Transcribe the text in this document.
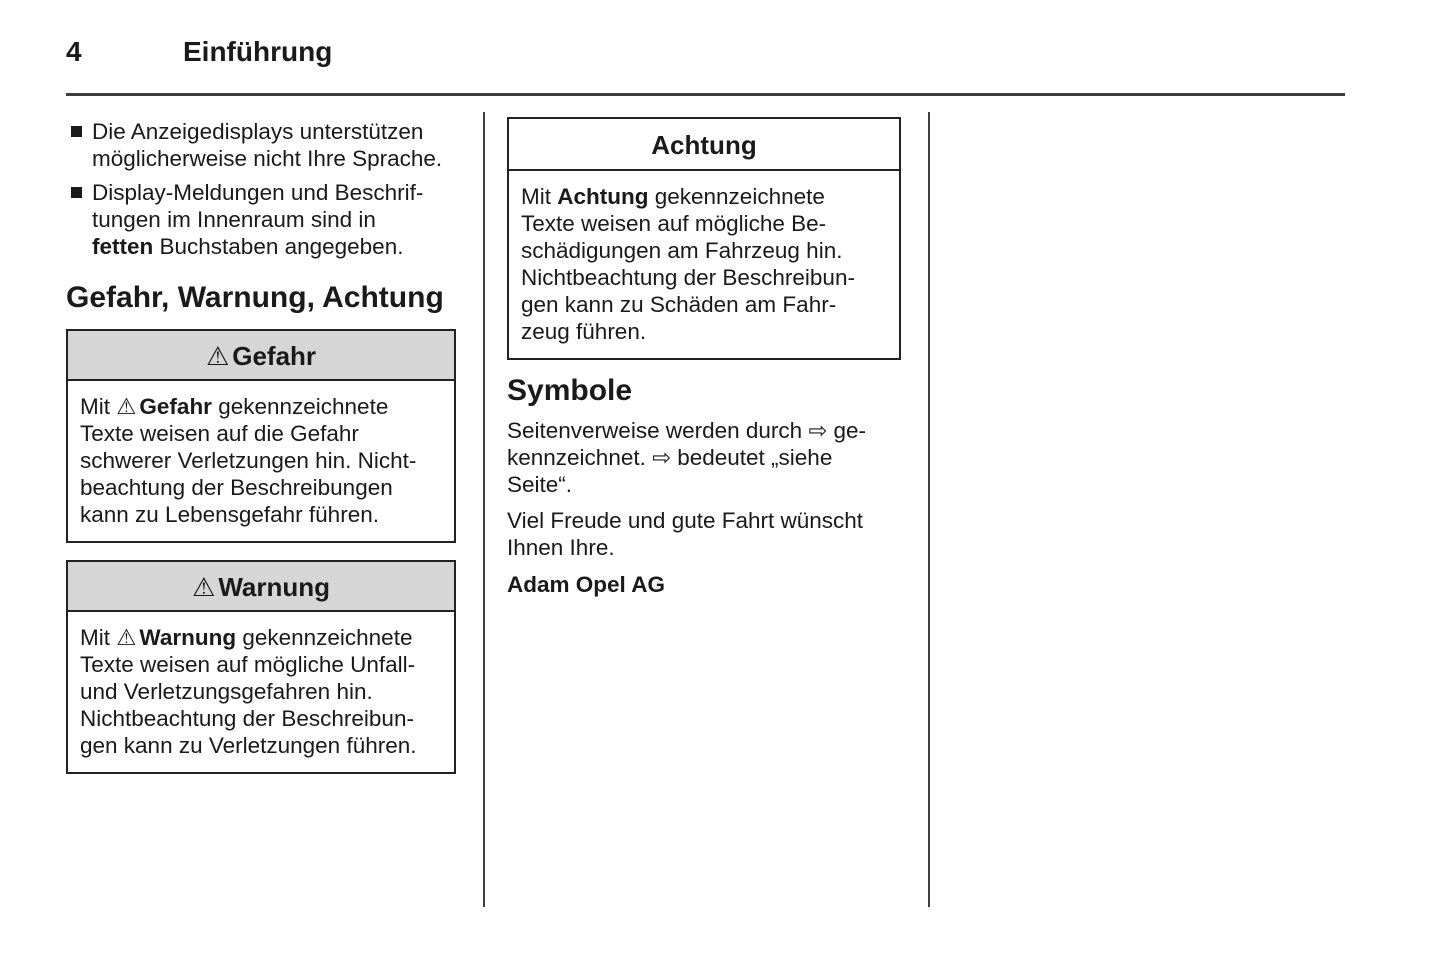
4	Einführung
Die Anzeigedisplays unterstützen
möglicherweise nicht Ihre Sprache.
Display-Meldungen und Beschrif-
tungen im Innenraum sind in
fetten Buchstaben angegeben.
Gefahr, Warnung, Achtung
⚠ Gefahr
Mit ⚠ Gefahr gekennzeichnete
Texte weisen auf die Gefahr
schwerer Verletzungen hin. Nicht-
beachtung der Beschreibungen
kann zu Lebensgefahr führen.
⚠ Warnung
Mit ⚠ Warnung gekennzeichnete
Texte weisen auf mögliche Unfall-
und Verletzungsgefahren hin.
Nichtbeachtung der Beschreibun-
gen kann zu Verletzungen führen.
Achtung
Mit Achtung gekennzeichnete
Texte weisen auf mögliche Be-
schädigungen am Fahrzeug hin.
Nichtbeachtung der Beschreibun-
gen kann zu Schäden am Fahr-
zeug führen.
Symbole
Seitenverweise werden durch ⇨ ge-
kennzeichnet. ⇨ bedeutet „siehe
Seite“.
Viel Freude und gute Fahrt wünscht
Ihnen Ihre.
Adam Opel AG
